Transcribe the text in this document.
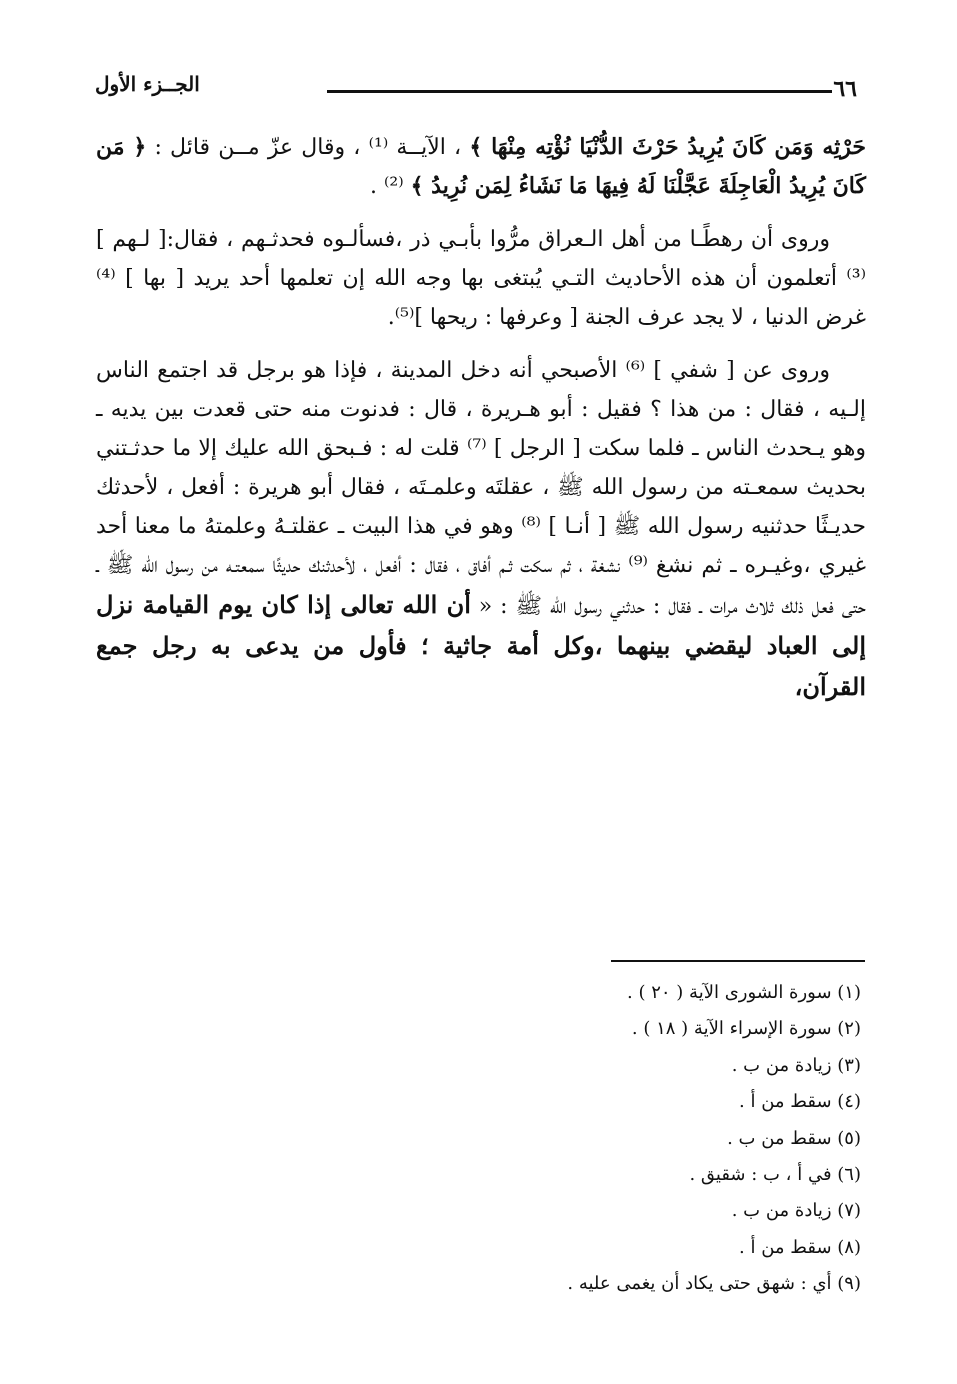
الجــزء الأول	٦٦

حَرْثِه وَمَن كَانَ يُرِيدُ حَرْثَ الدُّنْيَا نُؤْتِه مِنْهَا ﴾ ، الآيــة ⁽¹⁾ ، وقال عزّ مــن قائل : ﴿ مَن كَانَ يُرِيدُ الْعَاجِلَةَ عَجَّلْنَا لَهُ فِيهَا مَا نَشَاءُ لِمَن نُرِيدُ ﴾ ⁽²⁾ .

وروى أن رهطًـا من أهل الـعراق مرُّوا بأبـي ذر ،فسألـوه فحدثـهم ، فقال:[ لـهم ] ⁽³⁾ أتعلمون أن هذه الأحاديث التـي يُبتغى بها وجه الله إن تعلمها أحد يريد [ بها ] ⁽⁴⁾ غرض الدنيا ، لا يجد عرف الجنة [ وعرفها : ريحها ]⁽⁵⁾.

وروى عن [ شفي ] ⁽⁶⁾ الأصبحي أنه دخل المدينة ، فإذا هو برجل قد اجتمع الناس إلـيه ، فقال : من هذا ؟ فقيل : أبو هـريرة ، قال : فدنوت منه حتى قعدت بين يديه ـ وهو يـحدث الناس ـ فلما سكت [ الرجل ] ⁽⁷⁾ قلت له : فـبحق الله عليك إلا ما حدثـتني بحديث سمعـته من رسول الله ﷺ ، عقلتَه وعلمـتَه ، فقال أبو هريرة : أفعل ، لأحدثك حديـثًا حدثنيه رسول الله ﷺ [ أنـا ] ⁽⁸⁾ وهو في هذا البيت ـ عقلتـهُ وعلمتهُ ما معنا أحد غيري ،وغيـره ـ ثم نشغ ⁽⁹⁾ نشغة ، ثم سكت ثـم أفاق ، فقال : أفعل ، لأحدثنك حديثًا سمعتـه من رسول الله ﷺ ـ حتى فعل ذلك ثلاث مرات ـ فقال : حدثني رسول الله ﷺ : « أن الله تعالى إذا كان يوم القيامة نزل إلى العباد ليقضي بينهما ،وكل أمة جاثية ؛ فأول من يدعى به رجل جمع القرآن،

(١) سورة الشورى الآية ( ٢٠ ) .
(٢) سورة الإسراء الآية ( ١٨ ) .
(٣) زيادة من ب .
(٤) سقط من أ .
(٥) سقط من ب .
(٦) في أ ، ب : شقيق .
(٧) زيادة من ب .
(٨) سقط من أ .
(٩) أي : شهق حتى يكاد أن يغمى عليه .
